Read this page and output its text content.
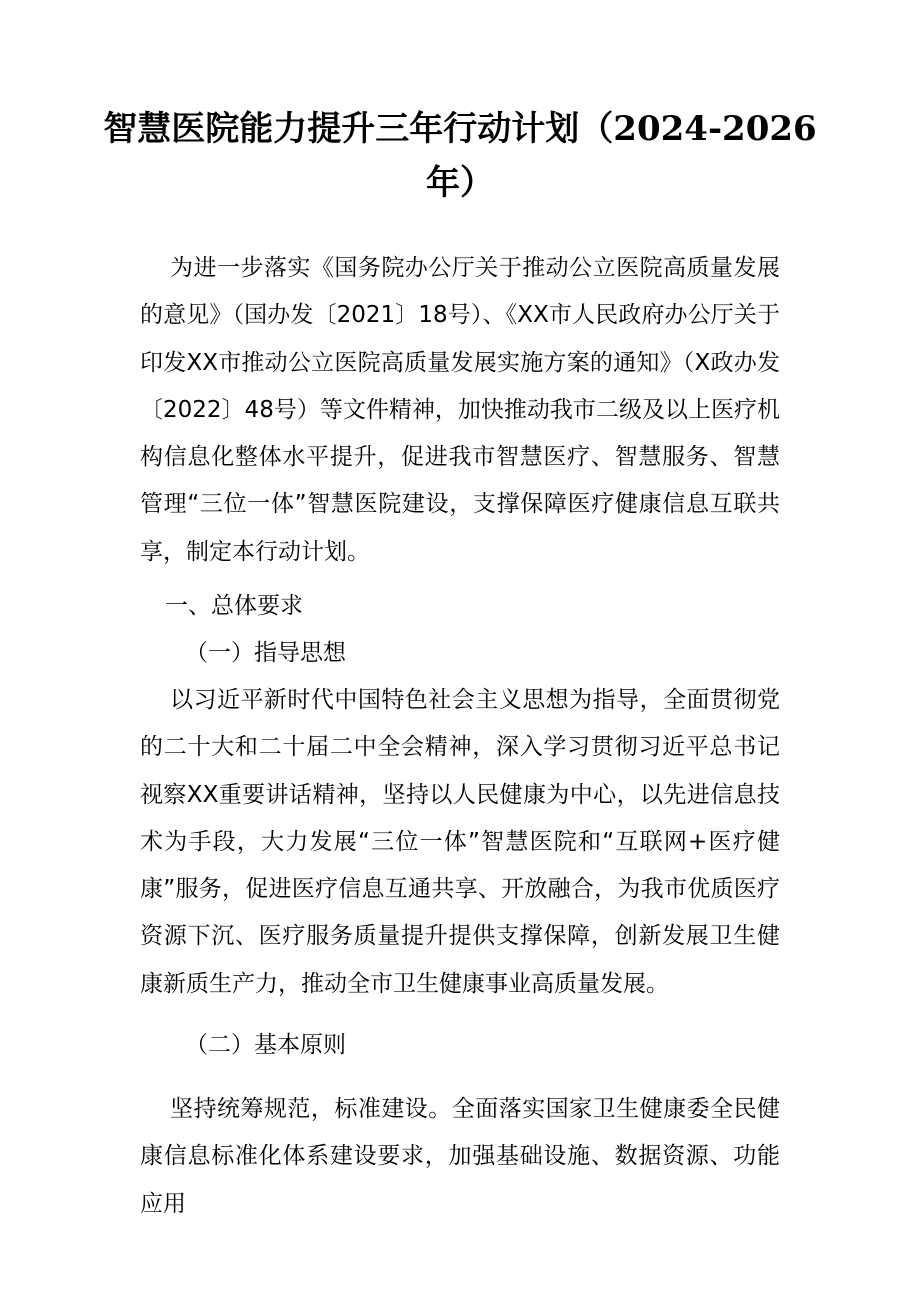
智慧医院能力提升三年行动计划（2024-2026年）

为进一步落实《国务院办公厅关于推动公立医院高质量发展的意见》（国办发〔2021〕18号）、《XX市人民政府办公厅关于印发XX市推动公立医院高质量发展实施方案的通知》（X政办发〔2022〕48号）等文件精神，加快推动我市二级及以上医疗机构信息化整体水平提升，促进我市智慧医疗、智慧服务、智慧管理“三位一体”智慧医院建设，支撑保障医疗健康信息互联共享，制定本行动计划。

一、总体要求

（一）指导思想

以习近平新时代中国特色社会主义思想为指导，全面贯彻党的二十大和二十届二中全会精神，深入学习贯彻习近平总书记视察XX重要讲话精神，坚持以人民健康为中心，以先进信息技术为手段，大力发展“三位一体”智慧医院和“互联网+医疗健康”服务，促进医疗信息互通共享、开放融合，为我市优质医疗资源下沉、医疗服务质量提升提供支撑保障，创新发展卫生健康新质生产力，推动全市卫生健康事业高质量发展。

（二）基本原则

坚持统筹规范，标准建设。全面落实国家卫生健康委全民健康信息标准化体系建设要求，加强基础设施、数据资源、功能应用
